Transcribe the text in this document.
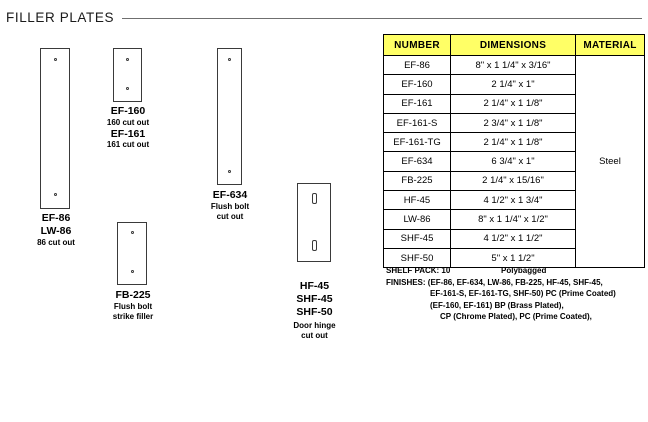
FILLER PLATES
EF-86
LW-86
86 cut out
EF-160
160 cut out
EF-161
161 cut out
EF-634
Flush bolt
cut out
FB-225
Flush bolt
strike filler
HF-45
SHF-45
SHF-50
Door hinge
cut out
NUMBER	DIMENSIONS	MATERIAL
EF-86	8" x 1 1/4" x 3/16"	Steel
EF-160	2 1/4" x 1"	
EF-161	2 1/4" x 1 1/8"	
EF-161-S	2 3/4" x 1 1/8"	
EF-161-TG	2 1/4" x 1 1/8"	
EF-634	6 3/4" x 1"	
FB-225	2 1/4" x 15/16"	
HF-45	4 1/2" x 1 3/4"	
LW-86	8" x 1 1/4" x 1/2"	
SHF-45	4 1/2" x 1 1/2"	
SHF-50	5" x 1 1/2"	
SHELF PACK: 10	Polybagged
FINISHES: (EF-86, EF-634, LW-86, FB-225, HF-45, SHF-45,
EF-161-S, EF-161-TG, SHF-50) PC (Prime Coated)
(EF-160, EF-161) BP (Brass Plated),
CP (Chrome Plated), PC (Prime Coated),
